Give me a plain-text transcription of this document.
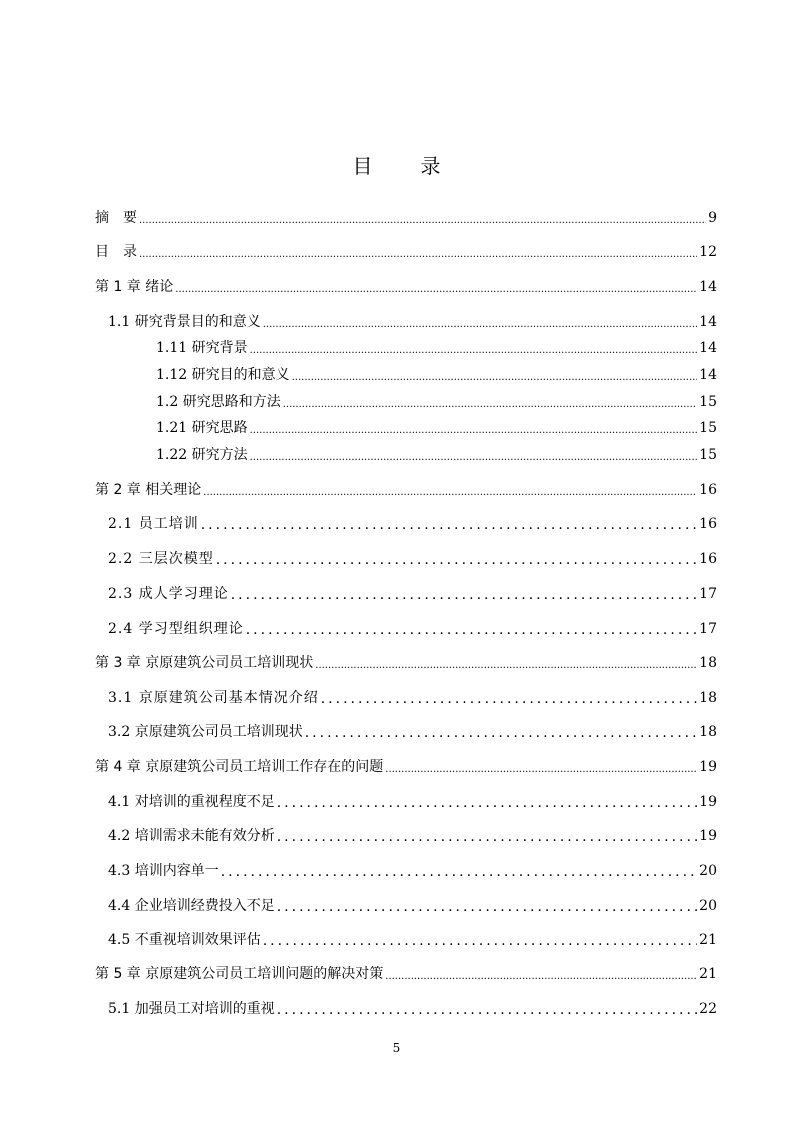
目　录
摘　要 .....	9
目　录 .....	12
第 1 章 绪论 .....	14
1.1 研究背景目的和意义 .....	14
1.11 研究背景 .....	14
1.12 研究目的和意义 .....	14
1.2 研究思路和方法 .....	15
1.21 研究思路 .....	15
1.22 研究方法 .....	15
第 2 章 相关理论 .....	16
2.1 员工培训 .....	16
2.2 三层次模型 .....	16
2.3 成人学习理论 .....	17
2.4 学习型组织理论 .....	17
第 3 章 京原建筑公司员工培训现状 .....	18
3.1 京原建筑公司基本情况介绍 .....	18
3.2 京原建筑公司员工培训现状 .....	18
第 4 章 京原建筑公司员工培训工作存在的问题 .....	19
4.1 对培训的重视程度不足 .....	19
4.2 培训需求未能有效分析 .....	19
4.3 培训内容单一 .....	20
4.4 企业培训经费投入不足 .....	20
4.5 不重视培训效果评估 .....	21
第 5 章 京原建筑公司员工培训问题的解决对策 .....	21
5.1 加强员工对培训的重视 .....	22
5
